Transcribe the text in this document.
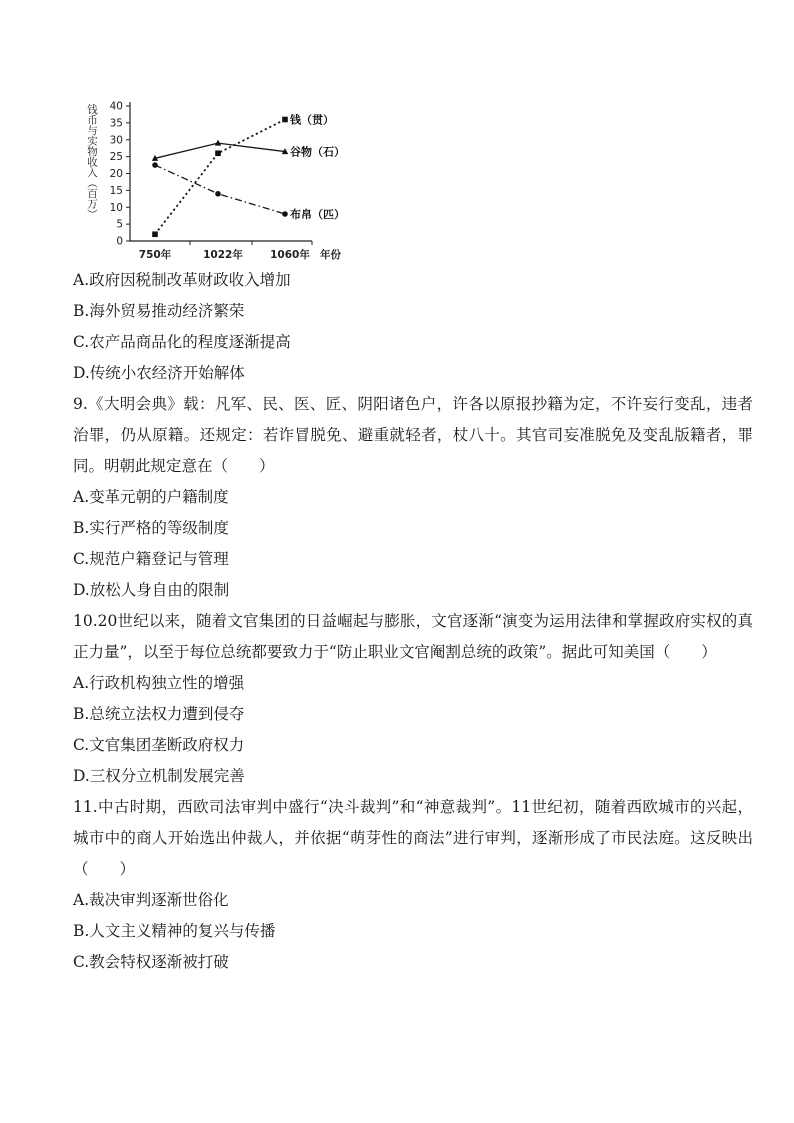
钱币与实物收入（百万）
年份
0
5
10
15
20
25
30
35
40
750年	1022年	1060年
钱（贯）
谷物（石）
布帛（匹）
A.政府因税制改革财政收入增加
B.海外贸易推动经济繁荣
C.农产品商品化的程度逐渐提高
D.传统小农经济开始解体
9.《大明会典》载：凡军、民、医、匠、阴阳诸色户，许各以原报抄籍为定，不许妄行变乱，违者治罪，仍从原籍。还规定：若诈冒脱免、避重就轻者，杖八十。其官司妄准脱免及变乱版籍者，罪同。明朝此规定意在（　　）
A.变革元朝的户籍制度
B.实行严格的等级制度
C.规范户籍登记与管理
D.放松人身自由的限制
10.20世纪以来，随着文官集团的日益崛起与膨胀，文官逐渐“演变为运用法律和掌握政府实权的真正力量”，以至于每位总统都要致力于“防止职业文官阉割总统的政策”。据此可知美国（　　）
A.行政机构独立性的增强
B.总统立法权力遭到侵夺
C.文官集团垄断政府权力
D.三权分立机制发展完善
11.中古时期，西欧司法审判中盛行“决斗裁判”和“神意裁判”。11世纪初，随着西欧城市的兴起，城市中的商人开始选出仲裁人，并依据“萌芽性的商法”进行审判，逐渐形成了市民法庭。这反映出（　　）
A.裁决审判逐渐世俗化
B.人文主义精神的复兴与传播
C.教会特权逐渐被打破
